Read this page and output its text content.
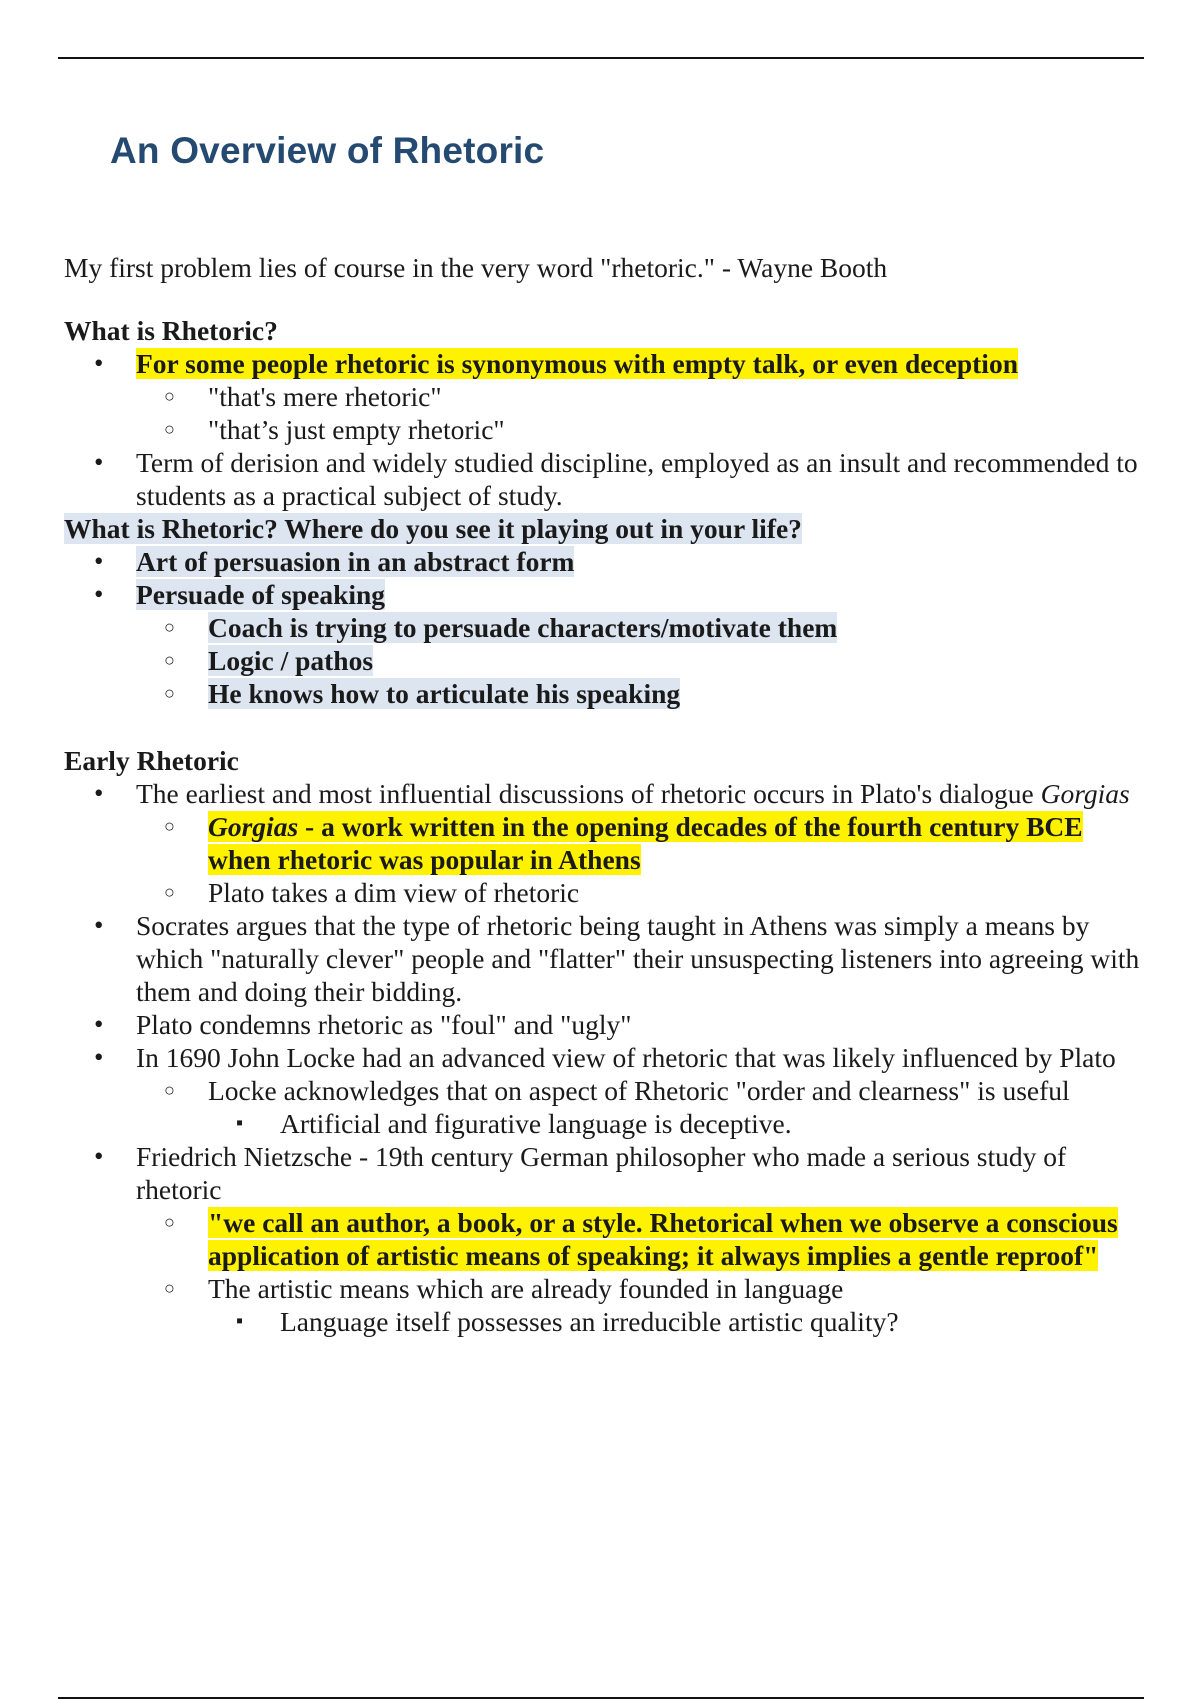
An Overview of Rhetoric

My first problem lies of course in the very word "rhetoric." - Wayne Booth

What is Rhetoric?
• For some people rhetoric is synonymous with empty talk, or even deception
○ "that's mere rhetoric"
○ "that’s just empty rhetoric"
• Term of derision and widely studied discipline, employed as an insult and recommended to students as a practical subject of study.
What is Rhetoric? Where do you see it playing out in your life?
• Art of persuasion in an abstract form
• Persuade of speaking
○ Coach is trying to persuade characters/motivate them
○ Logic / pathos
○ He knows how to articulate his speaking
Early Rhetoric
• The earliest and most influential discussions of rhetoric occurs in Plato's dialogue Gorgias
○ Gorgias - a work written in the opening decades of the fourth century BCE when rhetoric was popular in Athens
○ Plato takes a dim view of rhetoric
• Socrates argues that the type of rhetoric being taught in Athens was simply a means by which "naturally clever" people and "flatter" their unsuspecting listeners into agreeing with them and doing their bidding.
• Plato condemns rhetoric as "foul" and "ugly"
• In 1690 John Locke had an advanced view of rhetoric that was likely influenced by Plato
○ Locke acknowledges that on aspect of Rhetoric "order and clearness" is useful
▪ Artificial and figurative language is deceptive.
• Friedrich Nietzsche - 19th century German philosopher who made a serious study of rhetoric
○ "we call an author, a book, or a style. Rhetorical when we observe a conscious application of artistic means of speaking; it always implies a gentle reproof"
○ The artistic means which are already founded in language
▪ Language itself possesses an irreducible artistic quality?
